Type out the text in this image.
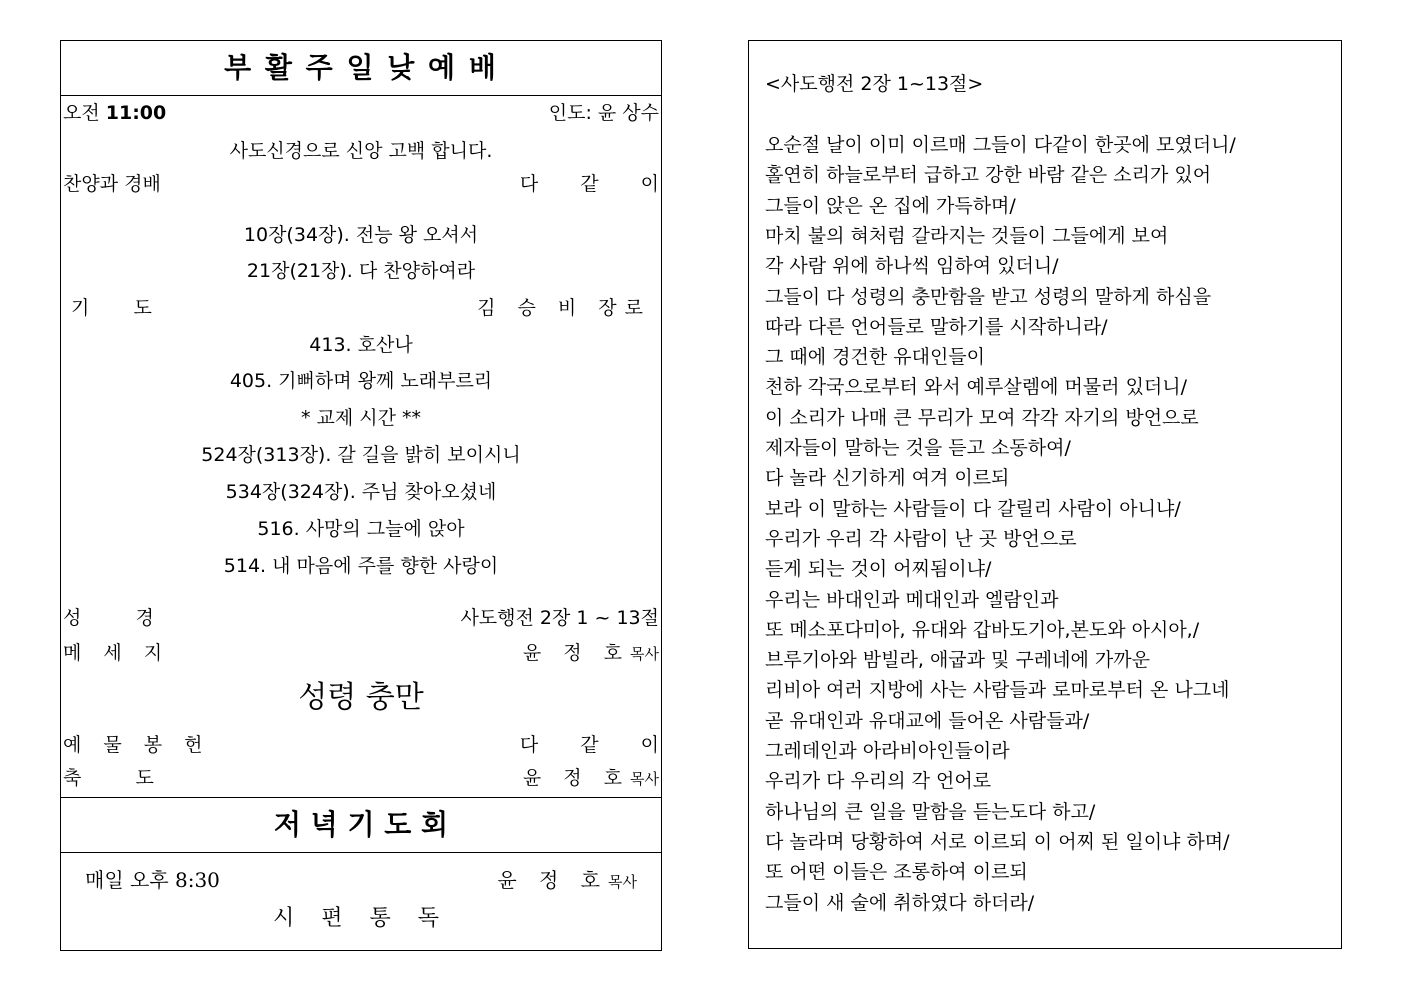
부 활 주 일 낮 예 배
오전 11:00	인도: 윤 상수
사도신경으로 신앙 고백 합니다.
찬양과 경배	다 같 이
10장(34장). 전능 왕 오셔서
21장(21장). 다 찬양하여라
기    도	김 승 비 장로
413. 호산나
405. 기뻐하며 왕께 노래부르리
* 교제 시간 **
524장(313장). 갈 길을 밝히 보이시니
534장(324장). 주님 찾아오셨네
516. 사망의 그늘에 앉아
514. 내 마음에 주를 향한 사랑이
성    경	사도행전 2장 1 ~ 13절
메 세 지	윤 정 호목사
성령 충만
예 물 봉 헌	다 같 이
축    도	윤 정 호목사
저 녁 기 도 회
매일 오후 8:30	윤 정 호목사
시 편 통 독
<사도행전 2장 1~13절>
오순절 날이 이미 이르매 그들이 다같이 한곳에 모였더니/
홀연히 하늘로부터 급하고 강한 바람 같은 소리가 있어
그들이 앉은 온 집에 가득하며/
마치 불의 혀처럼 갈라지는 것들이 그들에게 보여
각 사람 위에 하나씩 임하여 있더니/
그들이 다 성령의 충만함을 받고 성령의 말하게 하심을
따라 다른 언어들로 말하기를 시작하니라/
그 때에 경건한 유대인들이
천하 각국으로부터 와서 예루살렘에 머물러 있더니/
이 소리가 나매 큰 무리가 모여 각각 자기의 방언으로
제자들이 말하는 것을 듣고 소동하여/
다 놀라 신기하게 여겨 이르되
보라 이 말하는 사람들이 다 갈릴리 사람이 아니냐/
우리가 우리 각 사람이 난 곳 방언으로
듣게 되는 것이 어찌됨이냐/
우리는 바대인과 메대인과 엘람인과
또 메소포다미아, 유대와 갑바도기아,본도와 아시아,/
브루기아와 밤빌라, 애굽과 및 구레네에 가까운
리비아 여러 지방에 사는 사람들과 로마로부터 온 나그네
곧 유대인과 유대교에 들어온 사람들과/
그레데인과 아라비아인들이라
우리가 다 우리의 각 언어로
하나님의 큰 일을 말함을 듣는도다 하고/
다 놀라며 당황하여 서로 이르되 이 어찌 된 일이냐 하며/
또 어떤 이들은 조롱하여 이르되
그들이 새 술에 취하였다 하더라/
